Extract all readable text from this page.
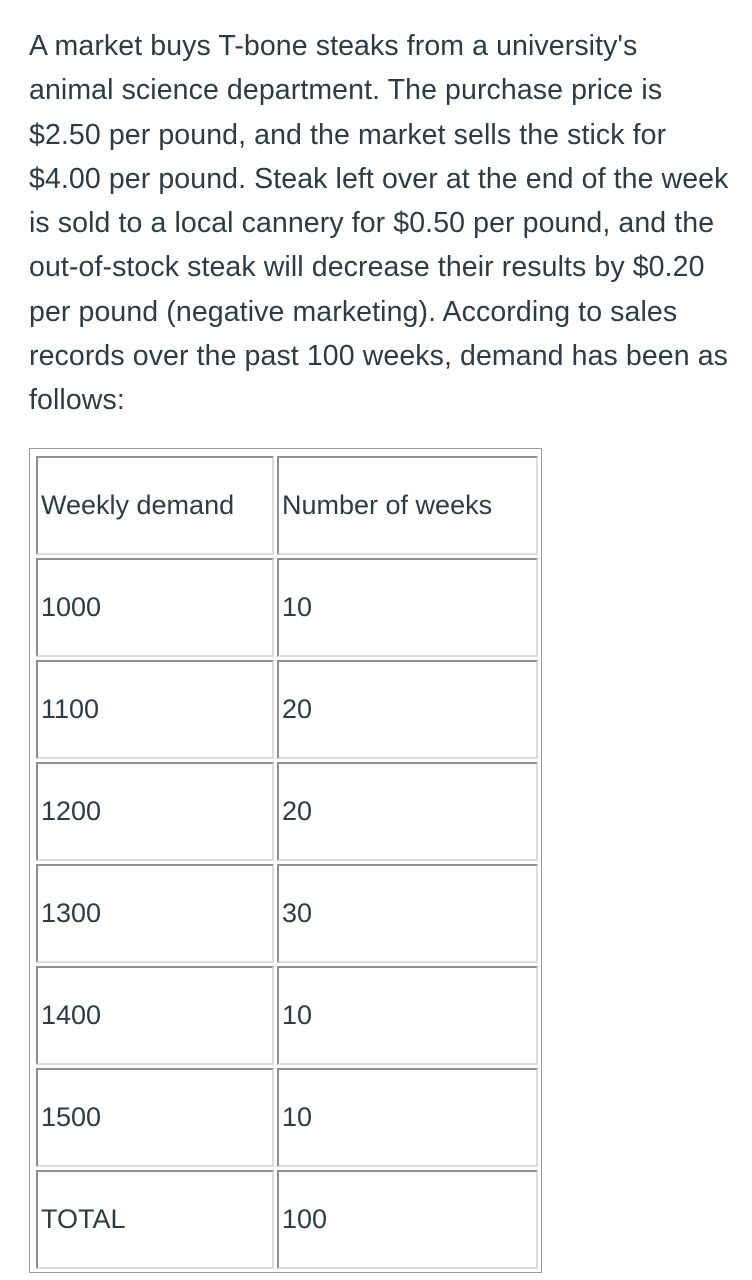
A market buys T-bone steaks from a university's animal science department. The purchase price is $2.50 per pound, and the market sells the stick for $4.00 per pound. Steak left over at the end of the week is sold to a local cannery for $0.50 per pound, and the out-of-stock steak will decrease their results by $0.20 per pound (negative marketing). According to sales records over the past 100 weeks, demand has been as follows:

Weekly demand	Number of weeks
1000	10
1100	20
1200	20
1300	30
1400	10
1500	10
TOTAL	100
